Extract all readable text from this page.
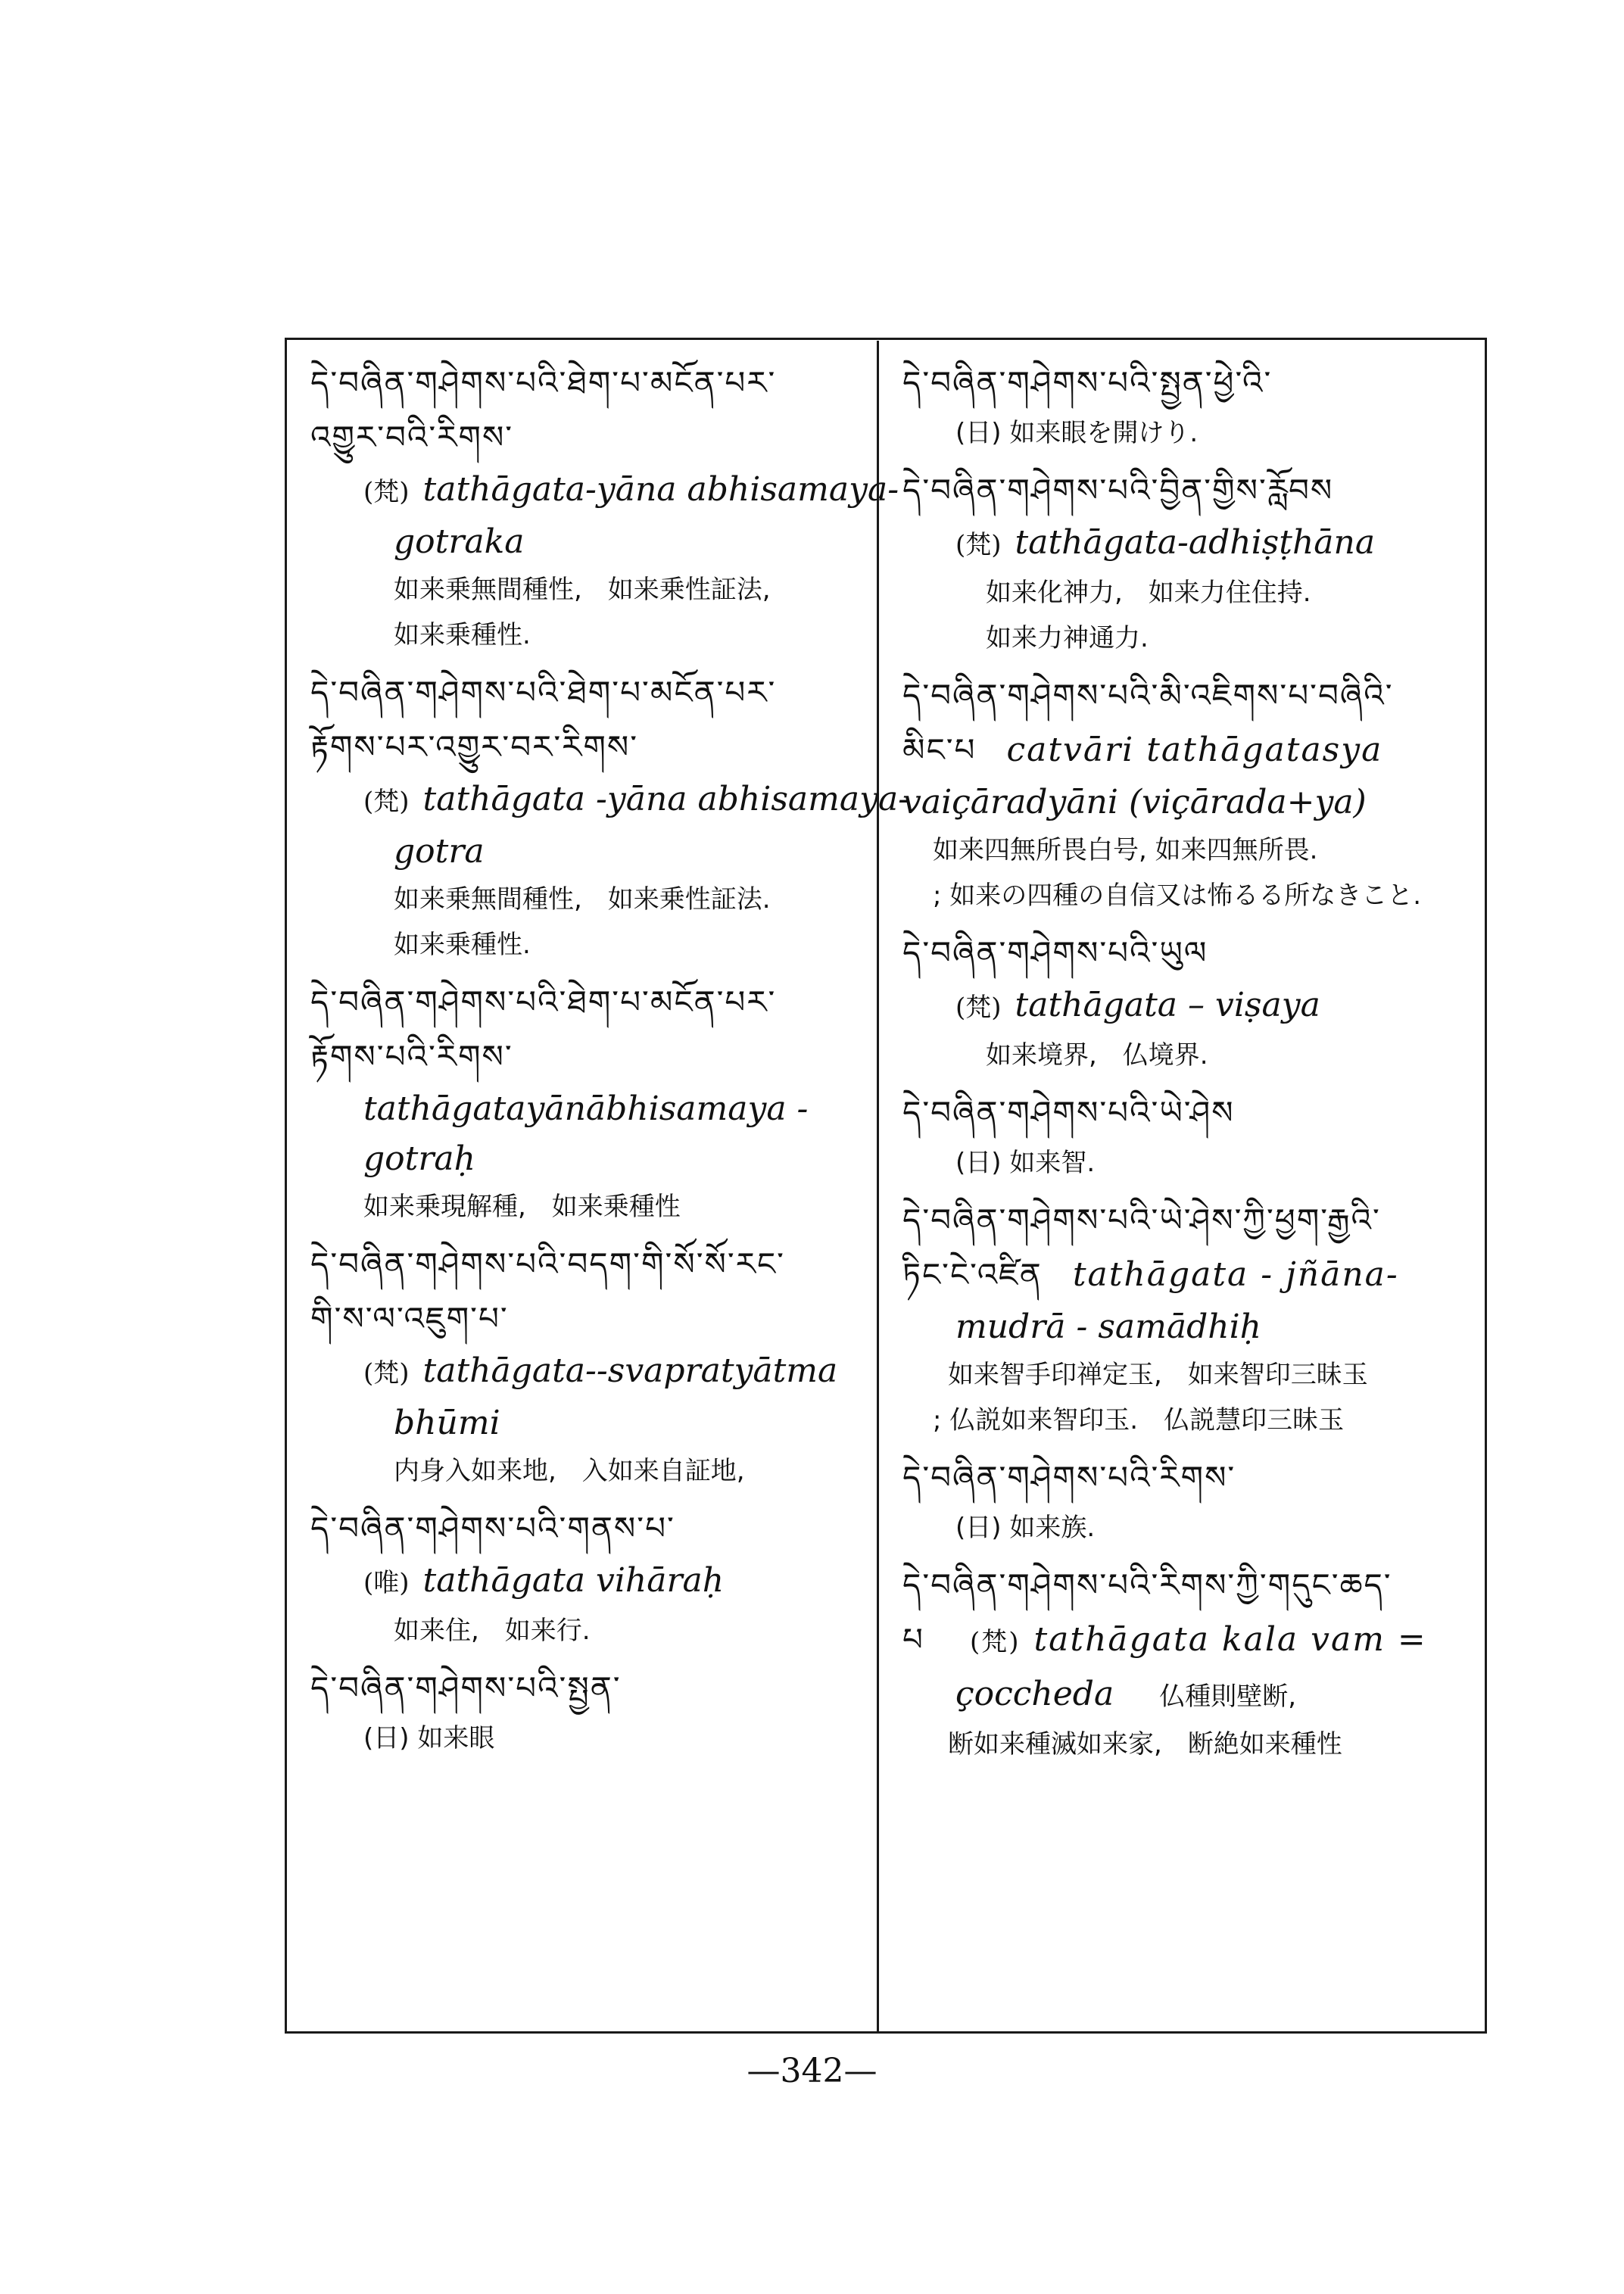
དེ་བཞིན་གཤེགས་པའི་ཐེག་པ་མངོན་པར་
འགྱུར་བའི་རིགས་
(梵) tathāgata-yāna abhisamaya-
gotraka
如来乗無間種性,　如来乗性証法,
如来乗種性.
དེ་བཞིན་གཤེགས་པའི་ཐེག་པ་མངོན་པར་
རྟོགས་པར་འགྱུར་བར་རིགས་
(梵) tathāgata -yāna abhisamaya-
gotra
如来乗無間種性,　如来乗性証法.
如来乗種性.
དེ་བཞིན་གཤེགས་པའི་ཐེག་པ་མངོན་པར་
རྟོགས་པའི་རིགས་
tathāgatayānābhisamaya -
gotraḥ
如来乗現解種,　如来乗種性
དེ་བཞིན་གཤེགས་པའི་བདག་གི་སོ་སོ་རང་
གི་ས་ལ་འཇུག་པ་
(梵) tathāgata--svapratyātma
bhūmi
内身入如来地,　入如来自証地,
དེ་བཞིན་གཤེགས་པའི་གནས་པ་
(唯) tathāgata vihāraḥ
如来住,　如来行.
དེ་བཞིན་གཤེགས་པའི་སྤྱན་
(日) 如来眼
དེ་བཞིན་གཤེགས་པའི་སྤྱན་ཕྱེ་འི་
(日) 如来眼を開けり.
དེ་བཞིན་གཤེགས་པའི་བྱིན་གྱིས་རློབས
(梵) tathāgata-adhiṣṭhāna
如来化神力,　如来力住住持.
如来力神通力.
དེ་བཞིན་གཤེགས་པའི་མི་འཇིགས་པ་བཞིའི་
མིང་པ catvāri tathāgatasya
vaiçāradyāni (viçārada+ya)
如来四無所畏白号, 如来四無所畏.
; 如来の四種の自信又は怖るる所なきこと.
དེ་བཞིན་གཤེགས་པའི་ཡུལ
(梵) tathāgata – viṣaya
如来境界,　仏境界.
དེ་བཞིན་གཤེགས་པའི་ཡེ་ཤེས
(日) 如来智.
དེ་བཞིན་གཤེགས་པའི་ཡེ་ཤེས་ཀྱི་ཕྱག་རྒྱའི་
ཏིང་ངེ་འཛིན tathāgata - jñāna-
mudrā - samādhiḥ
如来智手印禅定玉,　如来智印三昧玉
; 仏説如来智印玉.　仏説慧印三昧玉
དེ་བཞིན་གཤེགས་པའི་རིགས་
(日) 如来族.
དེ་བཞིན་གཤེགས་པའི་རིགས་ཀྱི་གདུང་ཆད་
པ (梵) tathāgata kala vam =
çoccheda 仏種則壁断,
断如来種滅如来家,　断絶如来種性
—342—
